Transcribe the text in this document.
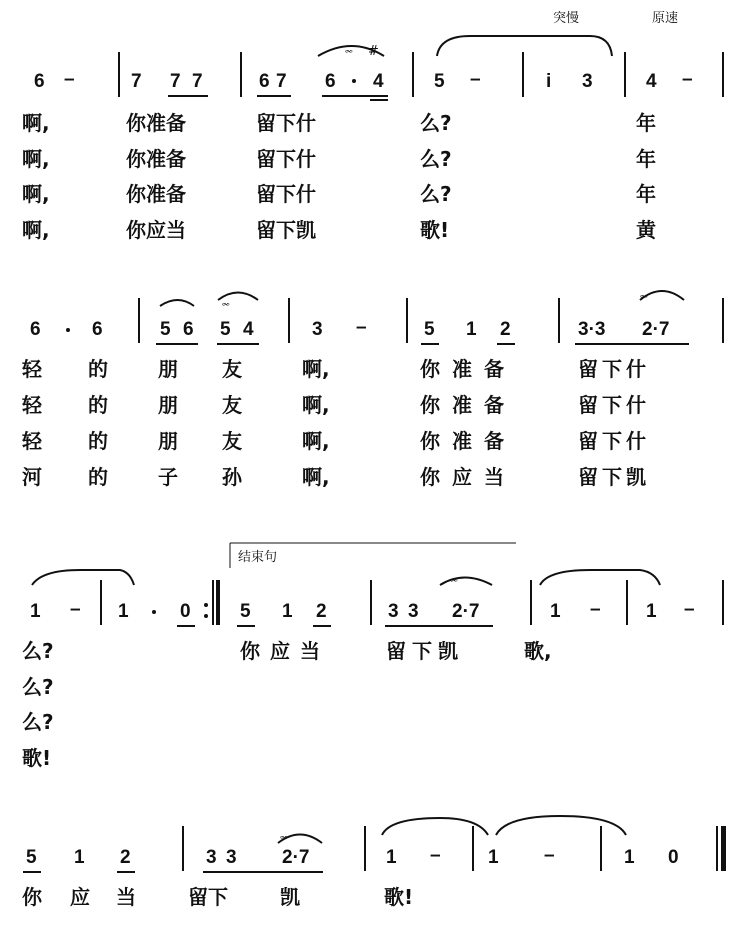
突慢	原速
6 –	7 7 7	6 7 6 4
𝆗 #
5 –	i 3	4 –
啊,	你准备	留下什	么?	年
啊,	你准备	留下什	么?	年
啊,	你准备	留下什	么?	年
啊,	你应当	留下凯	歌!	黄
6	6	5 6 5 4
𝆗
3 –	5 1 2	3·3 2·7
𝆗
轻 的	朋 友	啊,	你准备	留下什
轻 的	朋 友	啊,	你准备	留下什
轻 的	朋 友	啊,	你准备	留下什
河 的	子 孙	啊,	你应当	留下凯
结束句
1 – 1	0	5 1 2	3 3 2·7
𝆗
1 – 1 –
么?	你应当	留下凯	歌,
么?
么?
歌!
5 1 2	3 3 2·7
𝆗
1 – 1 –	1 0
你 应 当	留下	凯	歌!
